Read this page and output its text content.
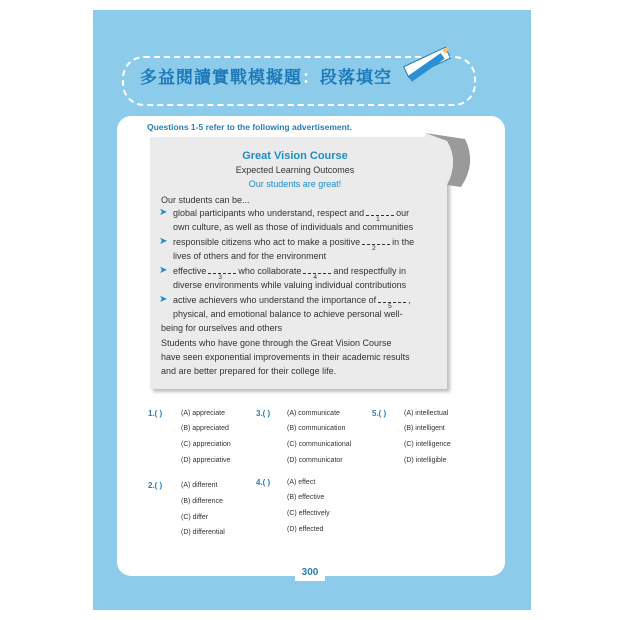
多益閱讀實戰模擬題：段落填空
Questions 1-5 refer to the following advertisement.
Great Vision Course
Expected Learning Outcomes
Our students are great!
Our students can be...
➤ global participants who understand, respect and
1
our
own culture, as well as those of individuals and communities
➤ responsible citizens who act to make a positive
2
in the
lives of others and for the environment
➤ effective
3
who collaborate
4
and respectfully in
diverse environments while valuing individual contributions
➤ active achievers who understand the importance of
5
,
physical, and emotional balance to achieve personal well-
being for ourselves and others
Students who have gone through the Great Vision Course
have seen exponential improvements in their academic results
and are better prepared for their college life.
1.( )	(A) appreciate
(B) appreciated
(C) appreciation
(D) appreciative
3.( ) (A) communicate
(B) communication
(C) communicational
(D) communicator
5.( )	(A) intellectual
(B) intelligent
(C) intelligence
(D) intelligible
2.( )	(A) different
(B) difference
(C) differ
(D) differential
4.( ) (A) effect
(B) effective
(C) effectively
(D) effected
300
